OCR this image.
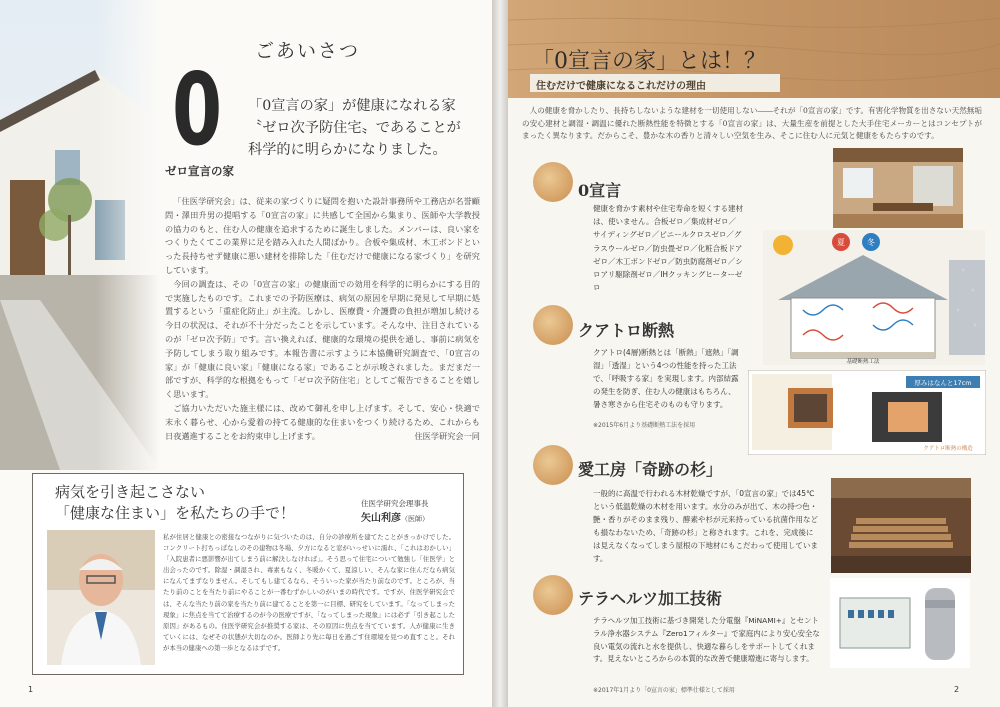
ごあいさつ
0
ゼロ宣言の家
「0宣言の家」が健康になれる家
〝ゼロ次予防住宅〟であることが
科学的に明らかになりました。

「住医学研究会」は、従来の家づくりに疑問を抱いた設計事務所や工務店が名誉顧問・澤田升男の提唱する「0宣言の家」に共感して全国から集まり、医師や大学教授の協力のもと、住む人の健康を追求するために誕生しました。メンバーは、良い家をつくりたくてこの業界に足を踏み入れた人間ばかり。合板や集成材、木工ボンドといった長持ちせず健康に悪い建材を排除した「住むだけで健康になる家づくり」を研究しています。

今回の調査は、その「0宣言の家」の健康面での効用を科学的に明らかにする目的で実施したものです。これまでの予防医療は、病気の原因を早期に発見して早期に処置するという「重症化防止」が主流。しかし、医療費・介護費の負担が増加し続ける今日の状況は、それが不十分だったことを示しています。そんな中、注目されているのが「ゼロ次予防」です。言い換えれば、健康的な環境の提供を通し、事前に病気を予防してしまう取り組みです。本報告書に示すように本協働研究調査で、「0宣言の家」が「健康に良い家」「健康になる家」であることが示唆されました。まだまだ一部ですが、科学的な根拠をもって「ゼロ次予防住宅」としてご報告できることを嬉しく思います。

ご協力いただいた施主様には、改めて御礼を申し上げます。そして、安心・快適で末永く暮らせ、心から愛着の持てる健康的な住まいをつくり続けるため、これからも日夜邁進することをお約束申し上げます。	住医学研究会一同
病気を引き起こさない
「健康な住まい」を私たちの手で！
住医学研究会理事長
矢山利彦（医師）
私が住居と健康との密接なつながりに気づいたのは、自分の診療所を建てたことがきっかけでした。コンクリート打ちっぱなしのその建物は冬場、夕方になると窓がいっせいに濡れ、「これはおかしい」「入院患者に悪影響が出てしまう前に解決しなければ」。そう思って住宅について勉強し「住医学」と出会ったのです。除湿・調湿され、毒素もなく、冬暖かくて、夏涼しい、そんな家に住んだなら病気になんてまずなりません。そしてもし建てるなら、そういった家が当たり前なのです。ところが、当たり前のことを当たり前にやることが一番むずかしいのがいまの時代です。ですが、住医学研究会では、そんな当たり前の家を当たり前に建てることを第一に目標、研究をしています。「なってしまった現象」に焦点を当てて治療するのが今の医療ですが、「なってしまった現象」には必ず「引き起こした原因」があるもの。住医学研究会が推奨する家は、その原因に焦点を当てています。人が健康に生きていくには、なぜその状態が大切なのか。医師より先に毎日を過ごす住環境を見つめ直すこと。それが本当の健康への第一歩となるはずです。
1
「0宣言の家」とは！？
住むだけで健康になるこれだけの理由
人の健康を脅かしたり、長持ちしないような建材を一切使用しない――それが「0宣言の家」です。有害化学物質を出さない天然無垢の安心建材と調湿・調温に優れた断熱性能を特徴とする「0宣言の家」は、大量生産を前提とした大手住宅メーカーとはコンセプトがまったく異なります。だからこそ、豊かな木の香りと清々しい空気を生み、そこに住む人に元気と健康をもたらすのです。
0宣言
健康を脅かす素材や住宅寿命を短くする建材は、使いません。合板ゼロ／集成材ゼロ／サイディングゼロ／ビニールクロスゼロ／グラスウールゼロ／防虫畳ゼロ／化粧合板ドアゼロ／木工ボンドゼロ／防虫防腐剤ゼロ／シロアリ駆除剤ゼロ／IHクッキングヒーターゼロ
夏	冬
基礎断熱工法
クアトロ断熱
クアトロ(4層)断熱とは「断熱」「遮熱」「調湿」「透湿」という4つの性能を持った工法で、「呼吸する家」を実現します。内部結露の発生を防ぎ、住む人の健康はもちろん、暑さ寒さから住宅そのものも守ります。
※2015年6月より基礎断熱工法を採用
厚みはなんと17cm
クアトロ断熱の構造
愛工房「奇跡の杉」
一般的に高温で行われる木材乾燥ですが、「0宣言の家」では45℃という低温乾燥の木材を用います。水分のみが出て、木の持つ色・艶・香りがそのまま残り、酵素や杉が元来持っている抗菌作用なども損なわないため、「奇跡の杉」と称されます。これを、完成後には見えなくなってしまう屋根の下地材にもこだわって使用しています。
テラヘルツ加工技術
テラヘルツ加工技術に基づき開発した分電盤『MiNAMI+』とセントラル浄水器システム『Zero1フィルター』で家庭内により安心安全な良い電気の流れと水を提供し、快適な暮らしをサポートしてくれます。見えないところからの本質的な改善で健康増進に寄与します。
※2017年1月より「0宣言の家」標準仕様として採用	2
